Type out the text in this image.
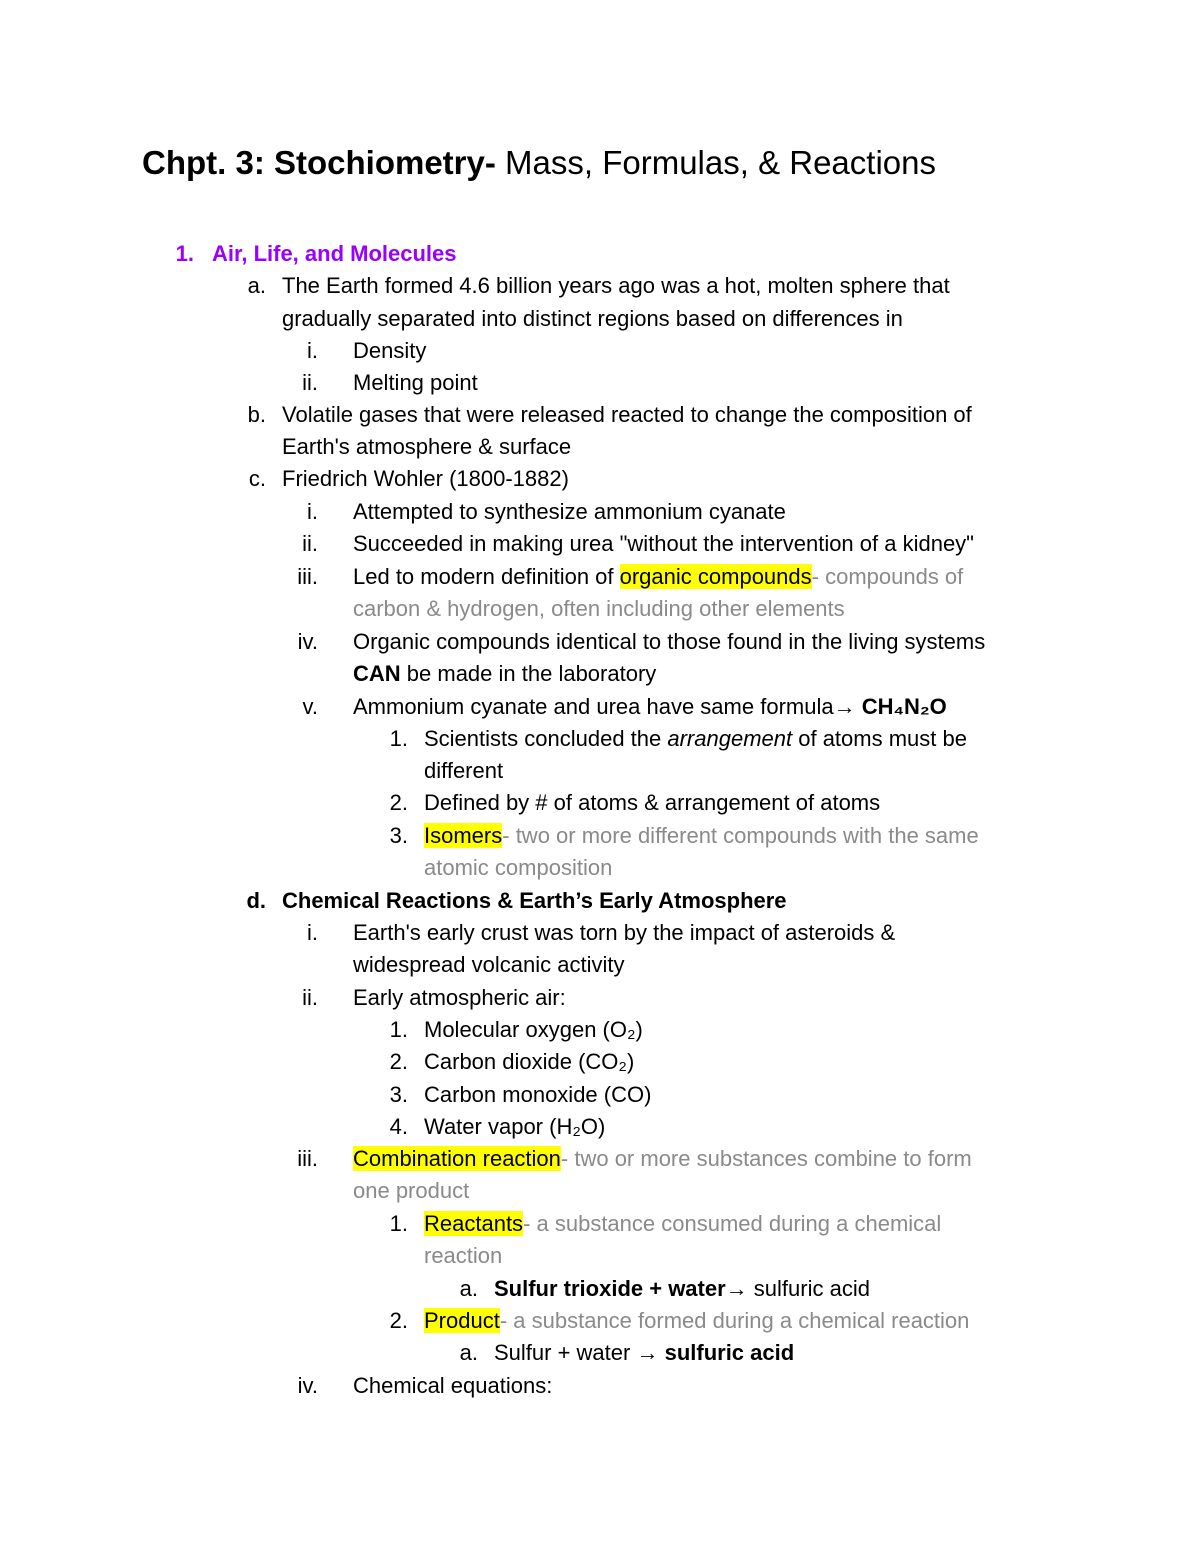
Chpt. 3: Stochiometry- Mass, Formulas, & Reactions
1. Air, Life, and Molecules
a. The Earth formed 4.6 billion years ago was a hot, molten sphere that
gradually separated into distinct regions based on differences in
i. Density
ii. Melting point
b. Volatile gases that were released reacted to change the composition of
Earth's atmosphere & surface
c. Friedrich Wohler (1800-1882)
i. Attempted to synthesize ammonium cyanate
ii. Succeeded in making urea "without the intervention of a kidney"
iii. Led to modern definition of organic compounds- compounds of
carbon & hydrogen, often including other elements
iv. Organic compounds identical to those found in the living systems
CAN be made in the laboratory
v. Ammonium cyanate and urea have same formula→ CH₄N₂O
1. Scientists concluded the arrangement of atoms must be
different
2. Defined by # of atoms & arrangement of atoms
3. Isomers- two or more different compounds with the same
atomic composition
d. Chemical Reactions & Earth’s Early Atmosphere
i. Earth's early crust was torn by the impact of asteroids &
widespread volcanic activity
ii. Early atmospheric air:
1. Molecular oxygen (O₂)
2. Carbon dioxide (CO₂)
3. Carbon monoxide (CO)
4. Water vapor (H₂O)
iii. Combination reaction- two or more substances combine to form
one product
1. Reactants- a substance consumed during a chemical
reaction
a. Sulfur trioxide + water→ sulfuric acid
2. Product- a substance formed during a chemical reaction
a. Sulfur + water → sulfuric acid
iv. Chemical equations:
